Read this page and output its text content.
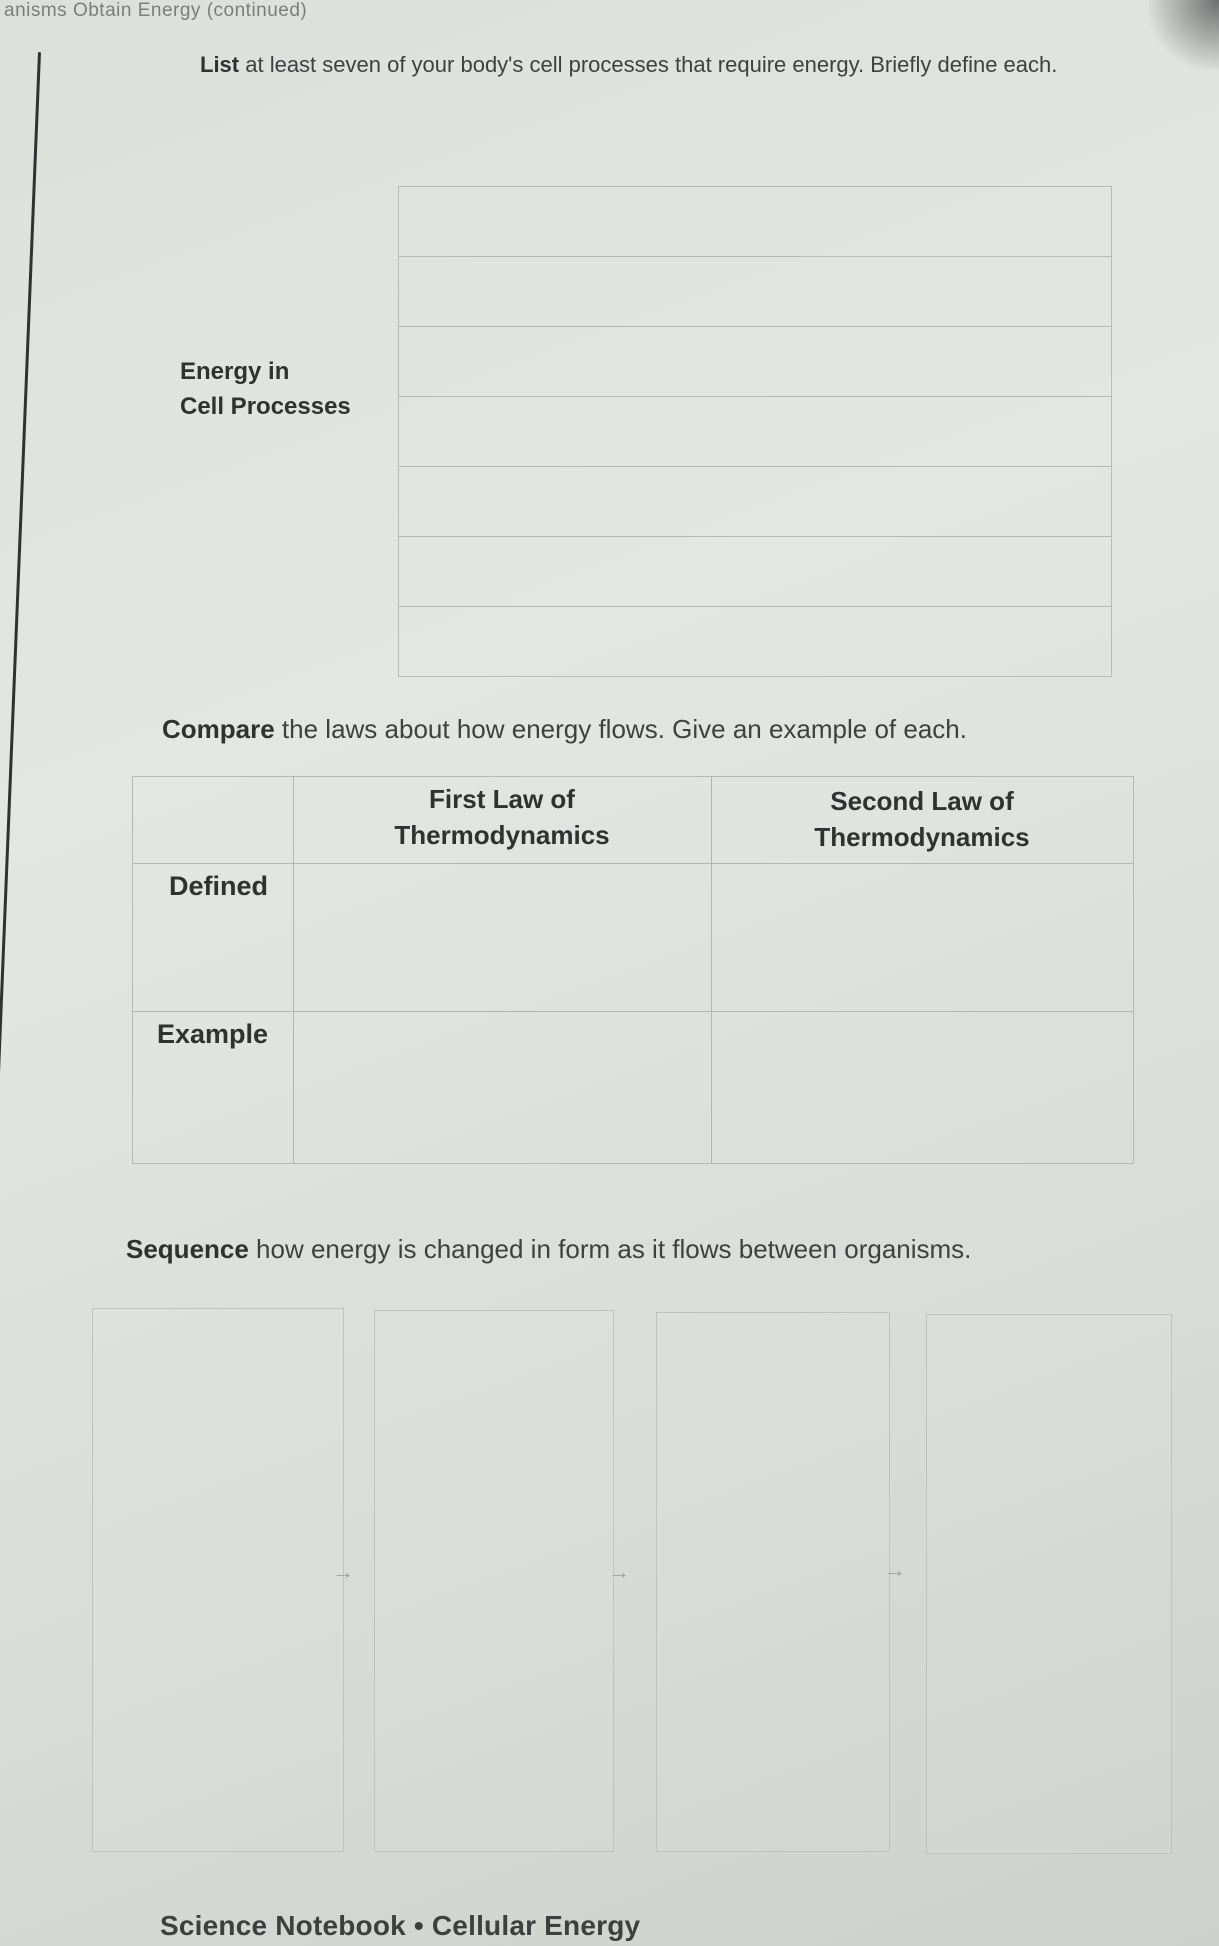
anisms Obtain Energy (continued)
List at least seven of your body's cell processes that require energy. Briefly define each.
Energy in
Cell Processes
Compare the laws about how energy flows. Give an example of each.
First Law of
Thermodynamics
Second Law of
Thermodynamics
Defined
Example
Sequence how energy is changed in form as it flows between organisms.
→	→	→
Science Notebook • Cellular Energy
